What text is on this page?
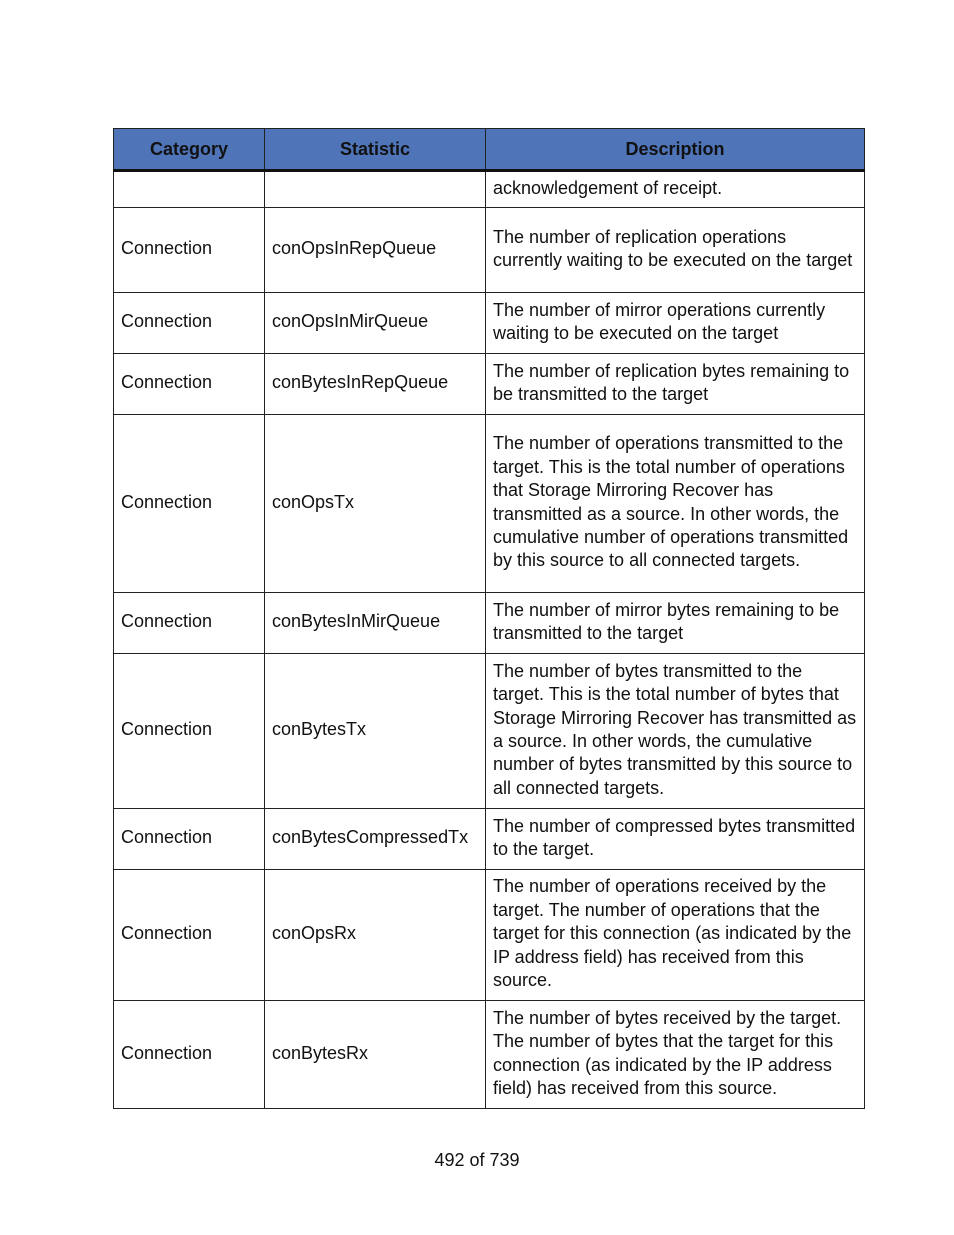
Category	Statistic	Description
		acknowledgement of receipt.
Connection	conOpsInRepQueue	The number of replication operations currently waiting to be executed on the target
Connection	conOpsInMirQueue	The number of mirror operations currently waiting to be executed on the target
Connection	conBytesInRepQueue	The number of replication bytes remaining to be transmitted to the target
Connection	conOpsTx	The number of operations transmitted to the target. This is the total number of operations that Storage Mirroring Recover has transmitted as a source. In other words, the cumulative number of operations transmitted by this source to all connected targets.
Connection	conBytesInMirQueue	The number of mirror bytes remaining to be transmitted to the target
Connection	conBytesTx	The number of bytes transmitted to the target. This is the total number of bytes that Storage Mirroring Recover has transmitted as a source. In other words, the cumulative number of bytes transmitted by this source to all connected targets.
Connection	conBytesCompressedTx	The number of compressed bytes transmitted to the target.
Connection	conOpsRx	The number of operations received by the target. The number of operations that the target for this connection (as indicated by the IP address field) has received from this source.
Connection	conBytesRx	The number of bytes received by the target. The number of bytes that the target for this connection (as indicated by the IP address field) has received from this source.
492 of 739
